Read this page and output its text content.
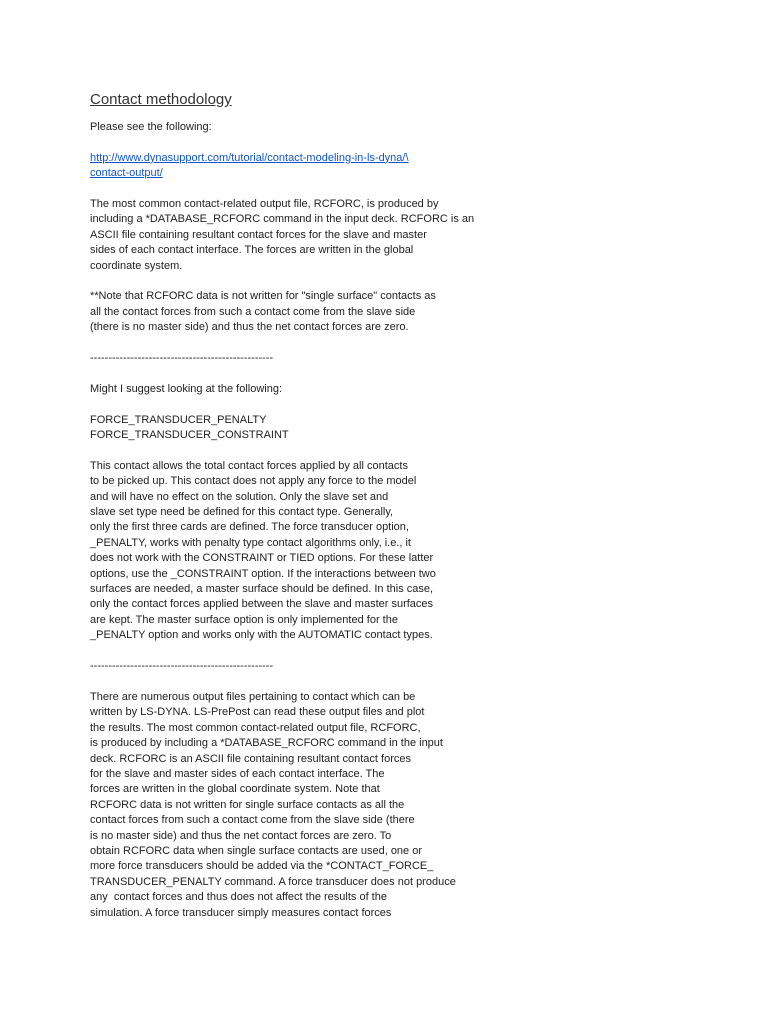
Contact methodology
Please see the following:
http://www.dynasupport.com/tutorial/contact-modeling-in-ls-dyna/\
contact-output/
The most common contact-related output file, RCFORC, is produced by
including a *DATABASE_RCFORC command in the input deck. RCFORC is an
ASCII file containing resultant contact forces for the slave and master
sides of each contact interface. The forces are written in the global
coordinate system.
**Note that RCFORC data is not written for "single surface" contacts as
all the contact forces from such a contact come from the slave side
(there is no master side) and thus the net contact forces are zero.
--------------------------------------------------
Might I suggest looking at the following:
FORCE_TRANSDUCER_PENALTY
FORCE_TRANSDUCER_CONSTRAINT
This contact allows the total contact forces applied by all contacts
to be picked up. This contact does not apply any force to the model
and will have no effect on the solution. Only the slave set and
slave set type need be defined for this contact type. Generally,
only the first three cards are defined. The force transducer option,
_PENALTY, works with penalty type contact algorithms only, i.e., it
does not work with the CONSTRAINT or TIED options. For these latter
options, use the _CONSTRAINT option. If the interactions between two
surfaces are needed, a master surface should be defined. In this case,
only the contact forces applied between the slave and master surfaces
are kept. The master surface option is only implemented for the
_PENALTY option and works only with the AUTOMATIC contact types.
--------------------------------------------------
There are numerous output files pertaining to contact which can be
written by LS-DYNA. LS-PrePost can read these output files and plot
the results. The most common contact-related output file, RCFORC,
is produced by including a *DATABASE_RCFORC command in the input
deck. RCFORC is an ASCII file containing resultant contact forces
for the slave and master sides of each contact interface. The
forces are written in the global coordinate system. Note that
RCFORC data is not written for single surface contacts as all the
contact forces from such a contact come from the slave side (there
is no master side) and thus the net contact forces are zero. To
obtain RCFORC data when single surface contacts are used, one or
more force transducers should be added via the *CONTACT_FORCE_
TRANSDUCER_PENALTY command. A force transducer does not produce
any  contact forces and thus does not affect the results of the
simulation. A force transducer simply measures contact forces
